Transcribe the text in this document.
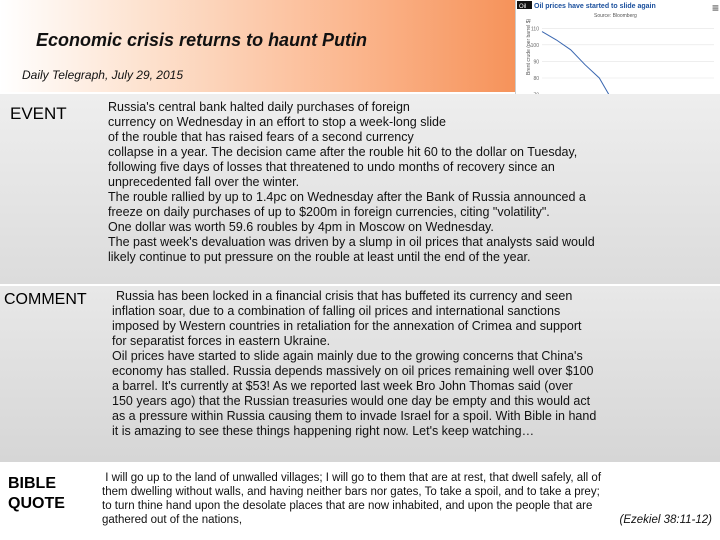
Economic crisis returns to haunt Putin
Daily Telegraph, July 29, 2015
Oil Oil prices have started to slide again
Source: Bloomberg
Brent crude (per barrel $) 110
100
90
80
≡
EVENT
COMMENT
BIBLE
QUOTE
Russia's central bank halted daily purchases of foreign
currency on Wednesday in an effort to stop a week-long slide
of the rouble that has raised fears of a second currency
collapse in a year. The decision came after the rouble hit 60 to the dollar on Tuesday,
following five days of losses that threatened to undo months of recovery since an
unprecedented fall over the winter.
The rouble rallied by up to 1.4pc on Wednesday after the Bank of Russia announced a
freeze on daily purchases of up to $200m in foreign currencies, citing "volatility".
One dollar was worth 59.6 roubles by 4pm in Moscow on Wednesday.
The past week's devaluation was driven by a slump in oil prices that analysts said would
likely continue to put pressure on the rouble at least until the end of the year.
Russia has been locked in a financial crisis that has buffeted its currency and seen
inflation soar, due to a combination of falling oil prices and international sanctions
imposed by Western countries in retaliation for the annexation of Crimea and support
for separatist forces in eastern Ukraine.
Oil prices have started to slide again mainly due to the growing concerns that China's
economy has stalled. Russia depends massively on oil prices remaining well over $100
a barrel. It's currently at $53! As we reported last week Bro John Thomas said (over
150 years ago) that the Russian treasuries would one day be empty and this would act
as a pressure within Russia causing them to invade Israel for a spoil. With Bible in hand
it is amazing to see these things happening right now. Let's keep watching…
I will go up to the land of unwalled villages; I will go to them that are at rest, that dwell safely, all of
them dwelling without walls, and having neither bars nor gates, To take a spoil, and to take a prey;
to turn thine hand upon the desolate places that are now inhabited, and upon the people that are
gathered out of the nations,	(Ezekiel 38:11-12)
